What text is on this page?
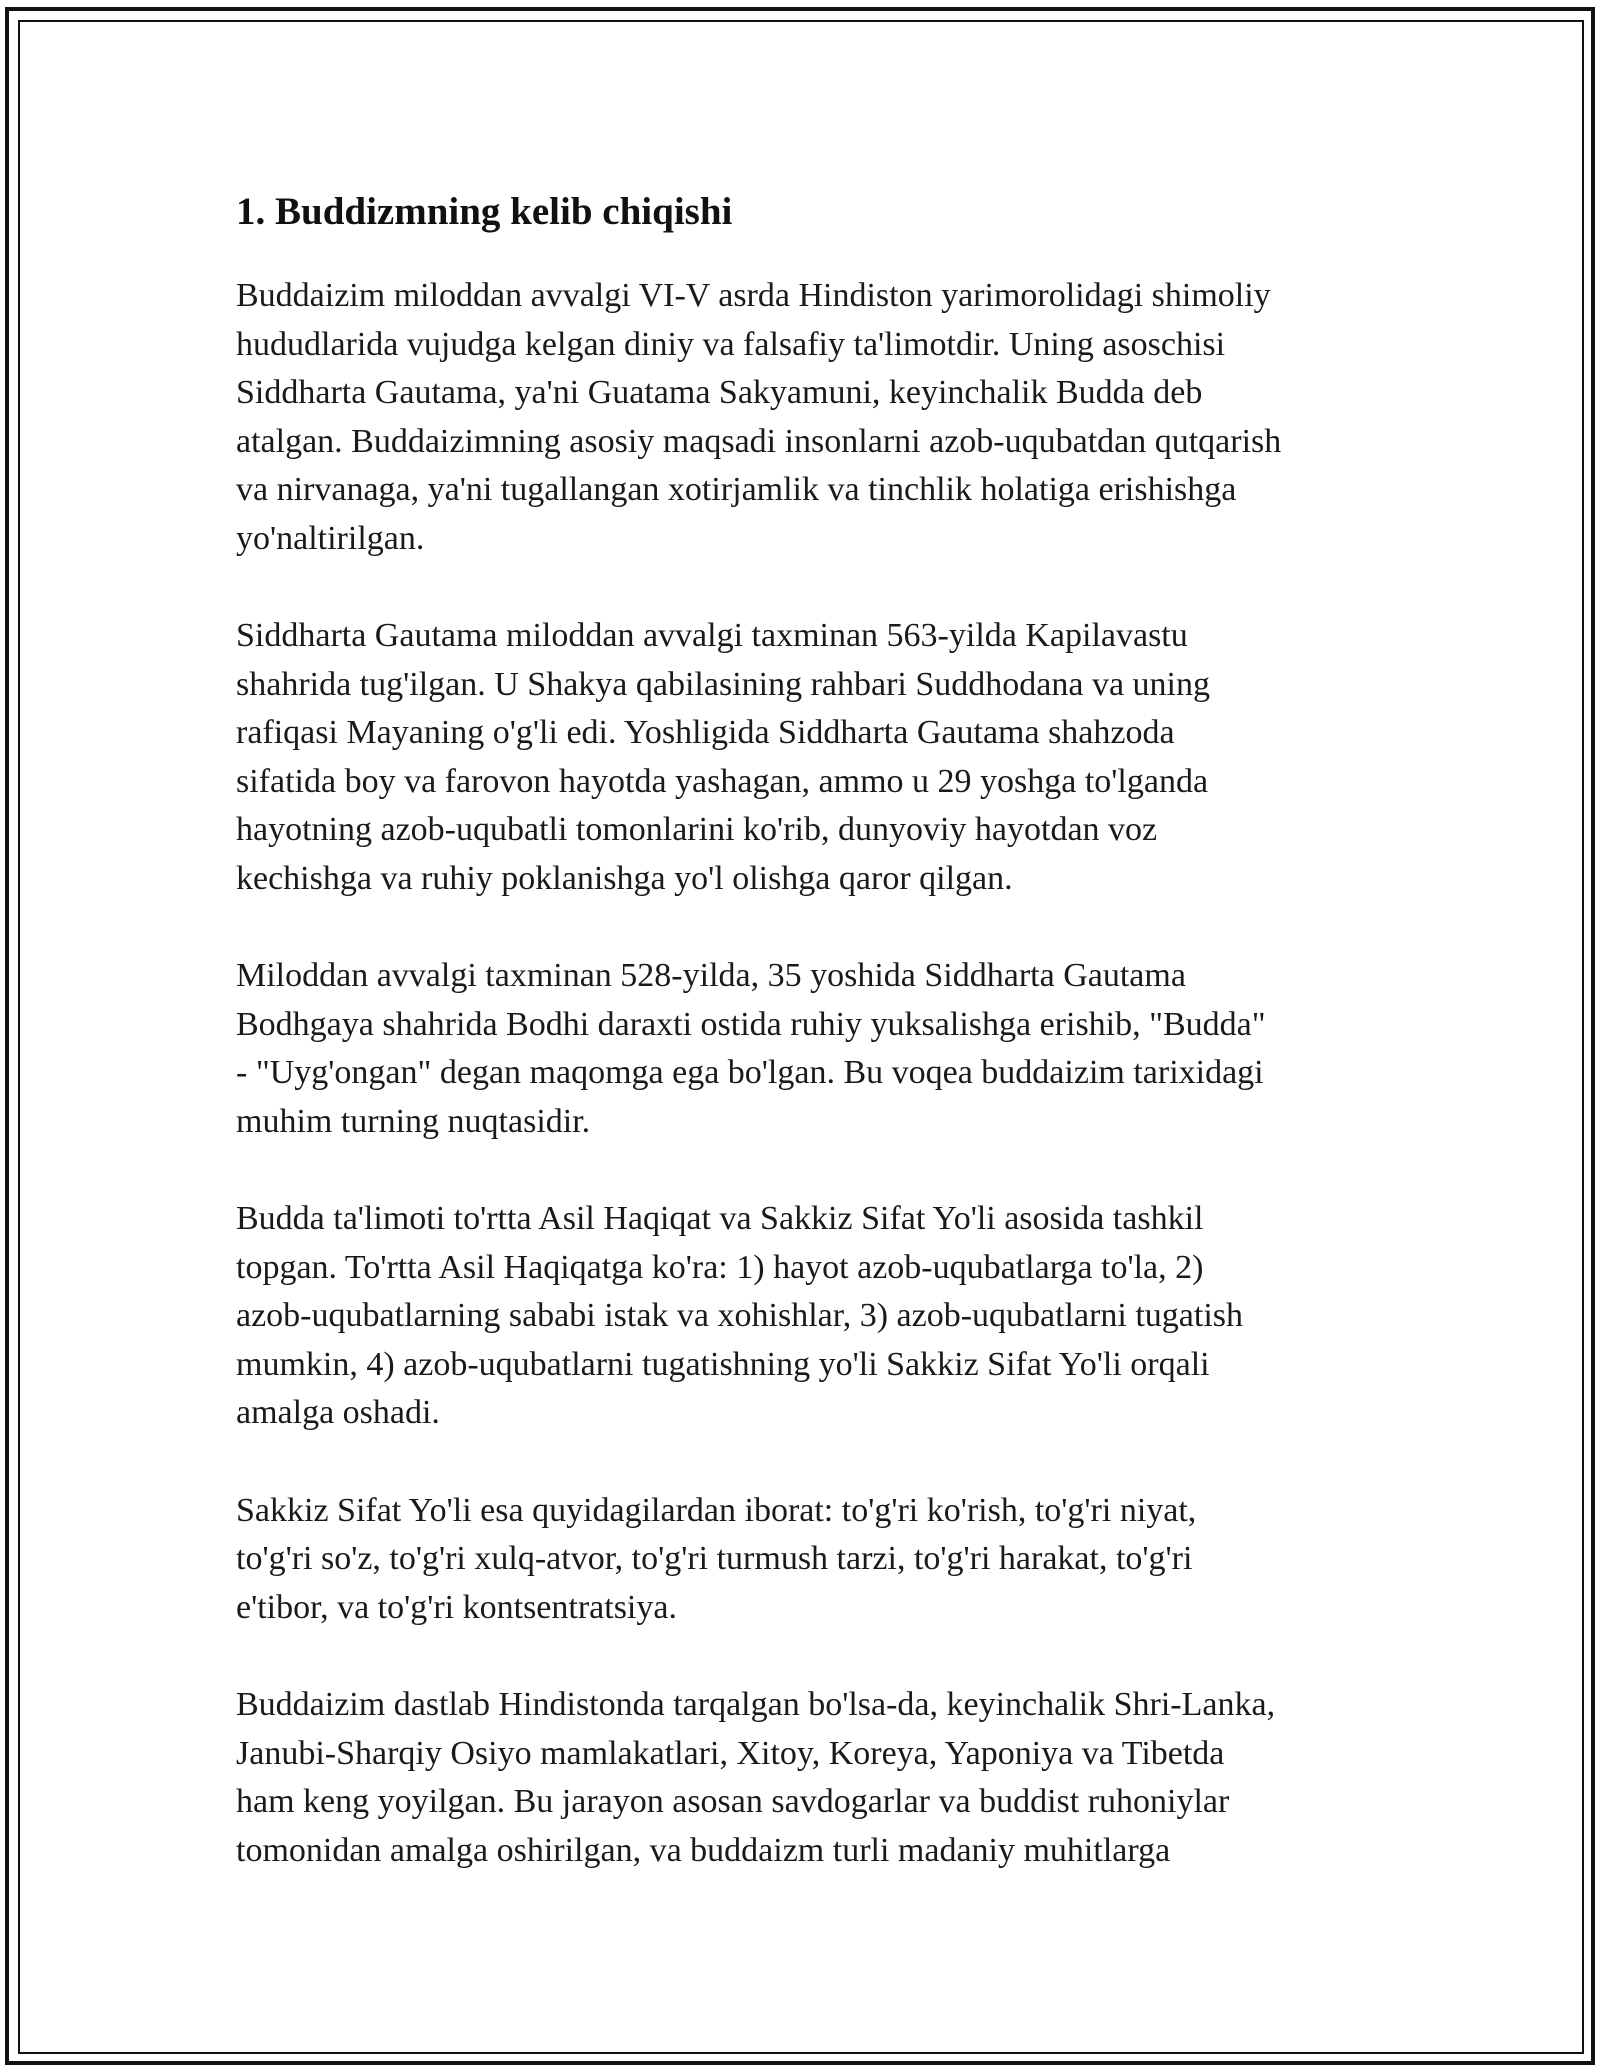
1. Buddizmning kelib chiqishi

Buddaizim miloddan avvalgi VI-V asrda Hindiston yarimorolidagi shimoliy
hududlarida vujudga kelgan diniy va falsafiy ta'limotdir. Uning asoschisi
Siddharta Gautama, ya'ni Guatama Sakyamuni, keyinchalik Budda deb
atalgan. Buddaizimning asosiy maqsadi insonlarni azob-uqubatdan qutqarish
va nirvanaga, ya'ni tugallangan xotirjamlik va tinchlik holatiga erishishga
yo'naltirilgan.

Siddharta Gautama miloddan avvalgi taxminan 563-yilda Kapilavastu
shahrida tug'ilgan. U Shakya qabilasining rahbari Suddhodana va uning
rafiqasi Mayaning o'g'li edi. Yoshligida Siddharta Gautama shahzoda
sifatida boy va farovon hayotda yashagan, ammo u 29 yoshga to'lganda
hayotning azob-uqubatli tomonlarini ko'rib, dunyoviy hayotdan voz
kechishga va ruhiy poklanishga yo'l olishga qaror qilgan.

Miloddan avvalgi taxminan 528-yilda, 35 yoshida Siddharta Gautama
Bodhgaya shahrida Bodhi daraxti ostida ruhiy yuksalishga erishib, "Budda"
- "Uyg'ongan" degan maqomga ega bo'lgan. Bu voqea buddaizim tarixidagi
muhim turning nuqtasidir.

Budda ta'limoti to'rtta Asil Haqiqat va Sakkiz Sifat Yo'li asosida tashkil
topgan. To'rtta Asil Haqiqatga ko'ra: 1) hayot azob-uqubatlarga to'la, 2)
azob-uqubatlarning sababi istak va xohishlar, 3) azob-uqubatlarni tugatish
mumkin, 4) azob-uqubatlarni tugatishning yo'li Sakkiz Sifat Yo'li orqali
amalga oshadi.

Sakkiz Sifat Yo'li esa quyidagilardan iborat: to'g'ri ko'rish, to'g'ri niyat,
to'g'ri so'z, to'g'ri xulq-atvor, to'g'ri turmush tarzi, to'g'ri harakat, to'g'ri
e'tibor, va to'g'ri kontsentratsiya.

Buddaizim dastlab Hindistonda tarqalgan bo'lsa-da, keyinchalik Shri-Lanka,
Janubi-Sharqiy Osiyo mamlakatlari, Xitoy, Koreya, Yaponiya va Tibetda
ham keng yoyilgan. Bu jarayon asosan savdogarlar va buddist ruhoniylar
tomonidan amalga oshirilgan, va buddaizm turli madaniy muhitlarga
